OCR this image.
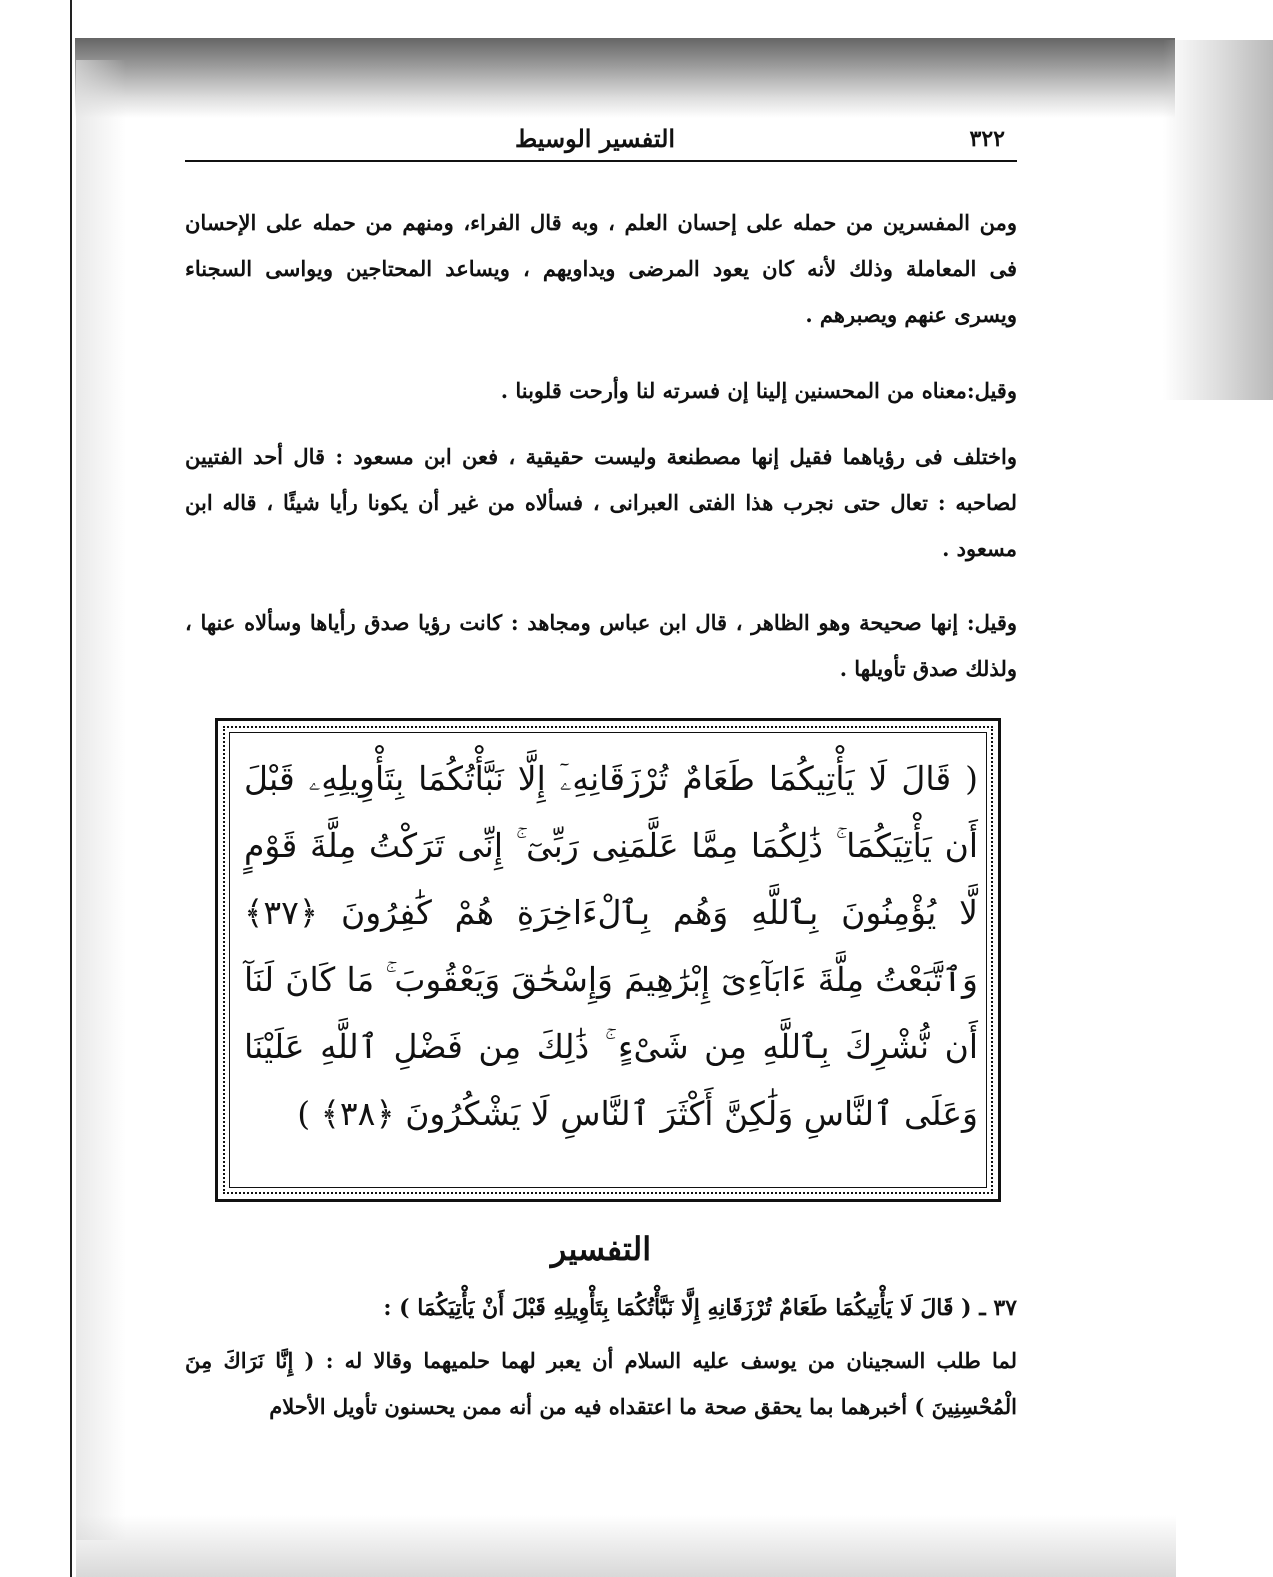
٣٢٢
التفسير الوسيط

ومن المفسرين من حمله على إحسان العلم ، وبه قال الفراء، ومنهم من حمله على الإحسان فى المعاملة وذلك لأنه كان يعود المرضى ويداويهم ، ويساعد المحتاجين ويواسى السجناء ويسرى عنهم ويصبرهم .

وقيل:معناه من المحسنين إلينا إن فسرته لنا وأرحت قلوبنا .

واختلف فى رؤياهما فقيل إنها مصطنعة وليست حقيقية ، فعن ابن مسعود : قال أحد الفتيين لصاحبه : تعال حتى نجرب هذا الفتى العبرانى ، فسألاه من غير أن يكونا رأيا شيئًا ، قاله ابن مسعود .

وقيل: إنها صحيحة وهو الظاهر ، قال ابن عباس ومجاهد : كانت رؤيا صدق رأياها وسألاه عنها ، ولذلك صدق تأويلها .

( قَالَ لَا يَأْتِيكُمَا طَعَامٌ تُرْزَقَانِهِۦٓ إِلَّا نَبَّأْتُكُمَا بِتَأْوِيلِهِۦ قَبْلَ أَن يَأْتِيَكُمَا ۚ ذَٰلِكُمَا مِمَّا عَلَّمَنِى رَبِّىٓ ۚ إِنِّى تَرَكْتُ مِلَّةَ قَوْمٍ لَّا يُؤْمِنُونَ بِٱللَّهِ وَهُم بِٱلْءَاخِرَةِ هُمْ كَٰفِرُونَ ﴿٣٧﴾ وَٱتَّبَعْتُ مِلَّةَ ءَابَآءِىٓ إِبْرَٰهِيمَ وَإِسْحَٰقَ وَيَعْقُوبَ ۚ مَا كَانَ لَنَآ أَن نُّشْرِكَ بِٱللَّهِ مِن شَىْءٍ ۚ ذَٰلِكَ مِن فَضْلِ ٱللَّهِ عَلَيْنَا وَعَلَى ٱلنَّاسِ وَلَٰكِنَّ أَكْثَرَ ٱلنَّاسِ لَا يَشْكُرُونَ ﴿٣٨﴾ )

التفسير

٣٧ ـ ( قَالَ لَا يَأْتِيكُمَا طَعَامٌ تُرْزَقَانِهِ إِلَّا نَبَّأْتُكُمَا بِتَأْوِيلِهِ قَبْلَ أَنْ يَأْتِيَكُمَا ) :

لما طلب السجينان من يوسف عليه السلام أن يعبر لهما حلميهما وقالا له : ( إِنَّا نَرَاكَ مِنَ الْمُحْسِنِينَ ) أخبرهما بما يحقق صحة ما اعتقداه فيه من أنه ممن يحسنون تأويل الأحلام
